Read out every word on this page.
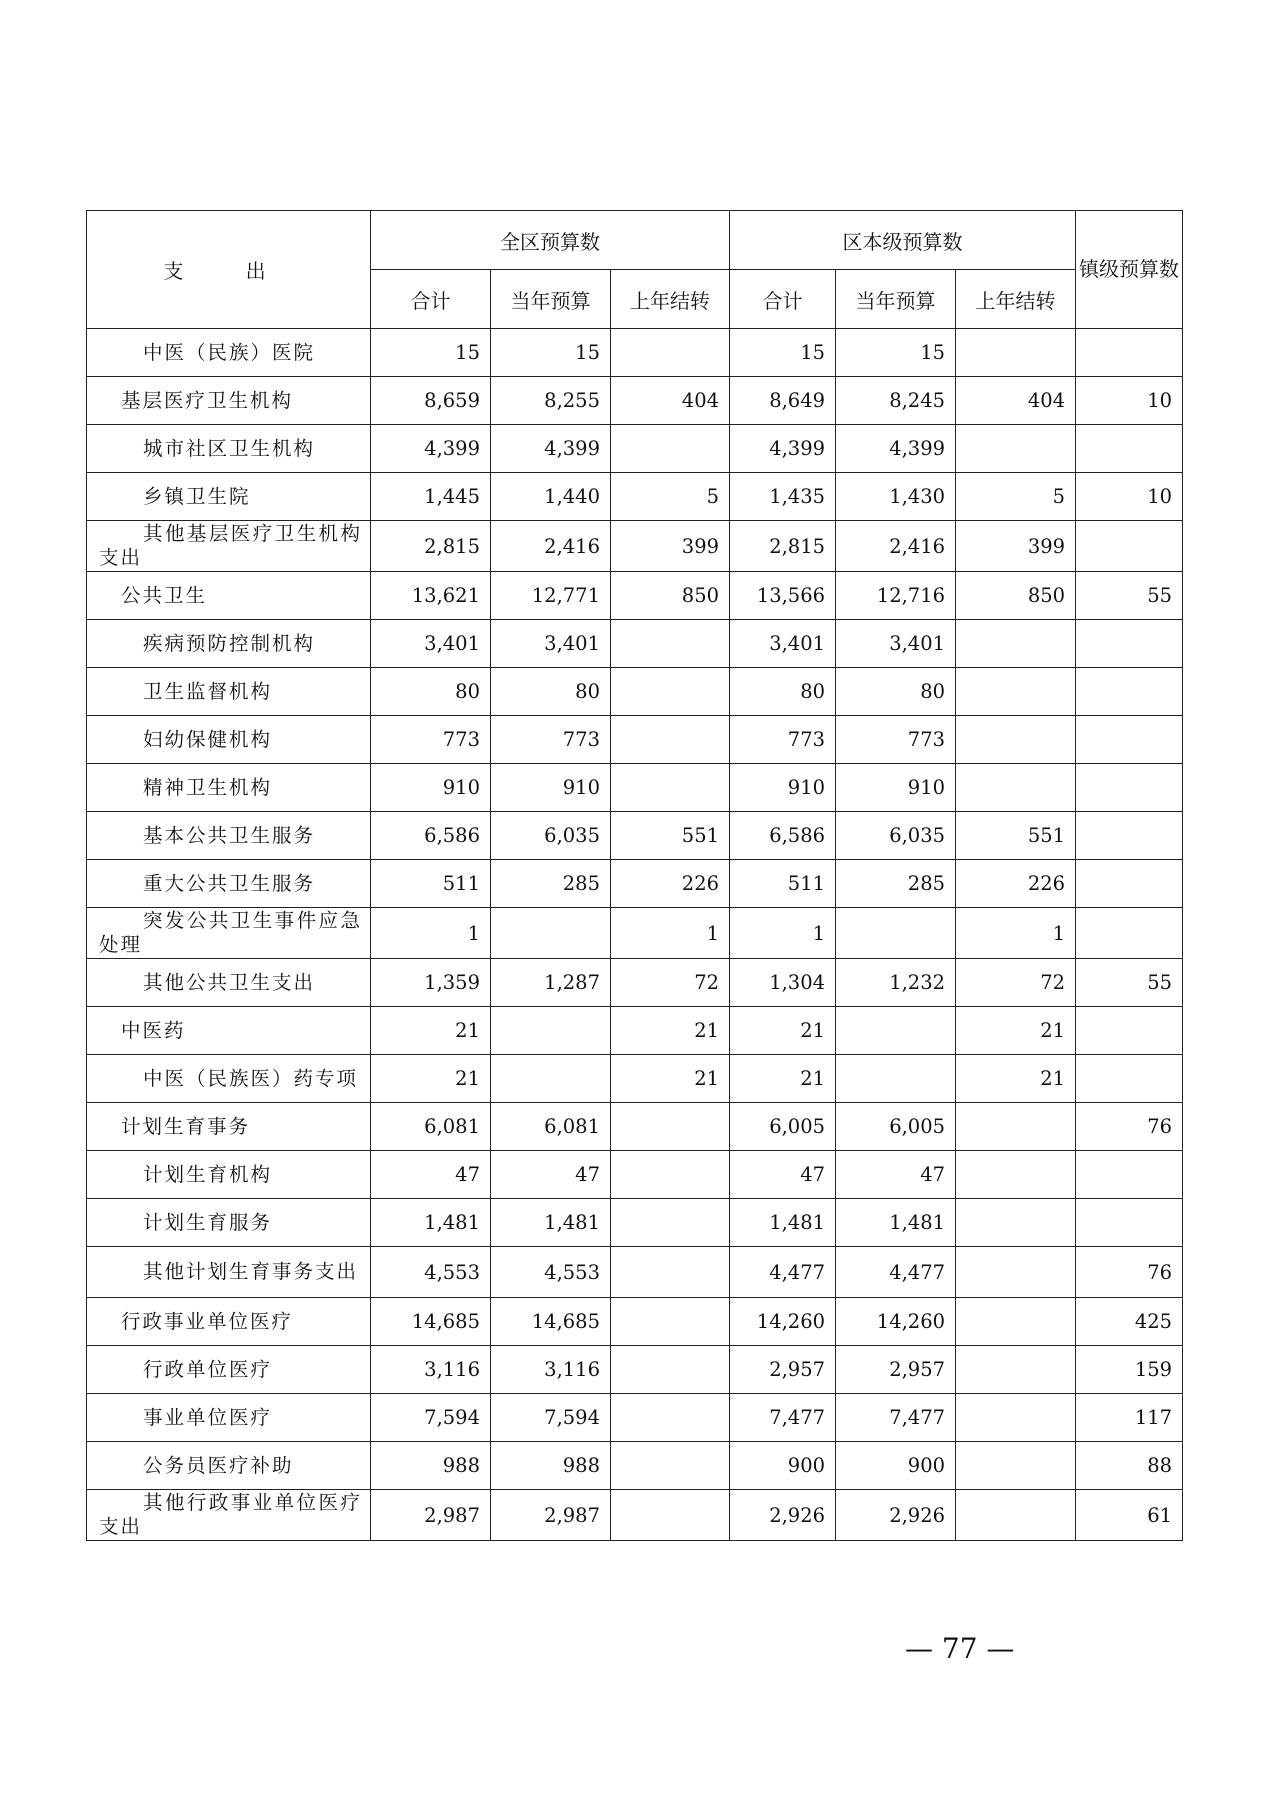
支 出	全区预算数			区本级预算数			镇级预算数
	合计	当年预算	上年结转	合计	当年预算	上年结转	
中医（民族）医院	15	15		15	15		
基层医疗卫生机构	8,659	8,255	404	8,649	8,245	404	10
城市社区卫生机构	4,399	4,399		4,399	4,399		
乡镇卫生院	1,445	1,440	5	1,435	1,430	5	10
其他基层医疗卫生机构支出	2,815	2,416	399	2,815	2,416	399	
公共卫生	13,621	12,771	850	13,566	12,716	850	55
疾病预防控制机构	3,401	3,401		3,401	3,401		
卫生监督机构	80	80		80	80		
妇幼保健机构	773	773		773	773		
精神卫生机构	910	910		910	910		
基本公共卫生服务	6,586	6,035	551	6,586	6,035	551	
重大公共卫生服务	511	285	226	511	285	226	
突发公共卫生事件应急处理	1		1	1		1	
其他公共卫生支出	1,359	1,287	72	1,304	1,232	72	55
中医药	21		21	21		21	
中医（民族医）药专项	21		21	21		21	
计划生育事务	6,081	6,081		6,005	6,005		76
计划生育机构	47	47		47	47		
计划生育服务	1,481	1,481		1,481	1,481		
其他计划生育事务支出	4,553	4,553		4,477	4,477		76
行政事业单位医疗	14,685	14,685		14,260	14,260		425
行政单位医疗	3,116	3,116		2,957	2,957		159
事业单位医疗	7,594	7,594		7,477	7,477		117
公务员医疗补助	988	988		900	900		88
其他行政事业单位医疗支出	2,987	2,987		2,926	2,926		61
— 77 —
